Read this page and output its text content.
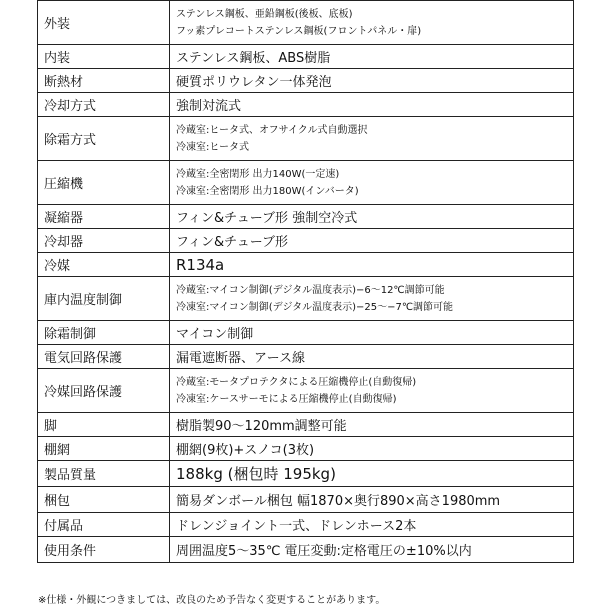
外装	ステンレス鋼板、亜鉛鋼板(後板、底板)
フッ素プレコートステンレス鋼板(フロントパネル・扉)

内装	ステンレス鋼板、ABS樹脂

断熱材	硬質ポリウレタン一体発泡

冷却方式	強制対流式

除霜方式	冷蔵室:ヒータ式、オフサイクル式自動選択
冷凍室:ヒータ式

圧縮機	冷蔵室:全密閉形 出力140W(一定速)
冷凍室:全密閉形 出力180W(インバータ)

凝縮器	フィン&チューブ形 強制空冷式

冷却器	フィン&チューブ形

冷媒	R134a

庫内温度制御	冷蔵室:マイコン制御(デジタル温度表示)−6〜12℃調節可能
冷凍室:マイコン制御(デジタル温度表示)−25〜−7℃調節可能

除霜制御	マイコン制御

電気回路保護	漏電遮断器、アース線

冷媒回路保護	冷蔵室:モータプロテクタによる圧縮機停止(自動復帰)
冷凍室:ケースサーモによる圧縮機停止(自動復帰)

脚	樹脂製90〜120mm調整可能

棚網	棚網(9枚)+スノコ(3枚)

製品質量	188kg (梱包時 195kg)

梱包	簡易ダンボール梱包 幅1870×奥行890×高さ1980mm

付属品	ドレンジョイント一式、ドレンホース2本

使用条件	周囲温度5〜35℃ 電圧変動:定格電圧の±10%以内
※仕様・外観につきましては、改良のため予告なく変更することがあります。
